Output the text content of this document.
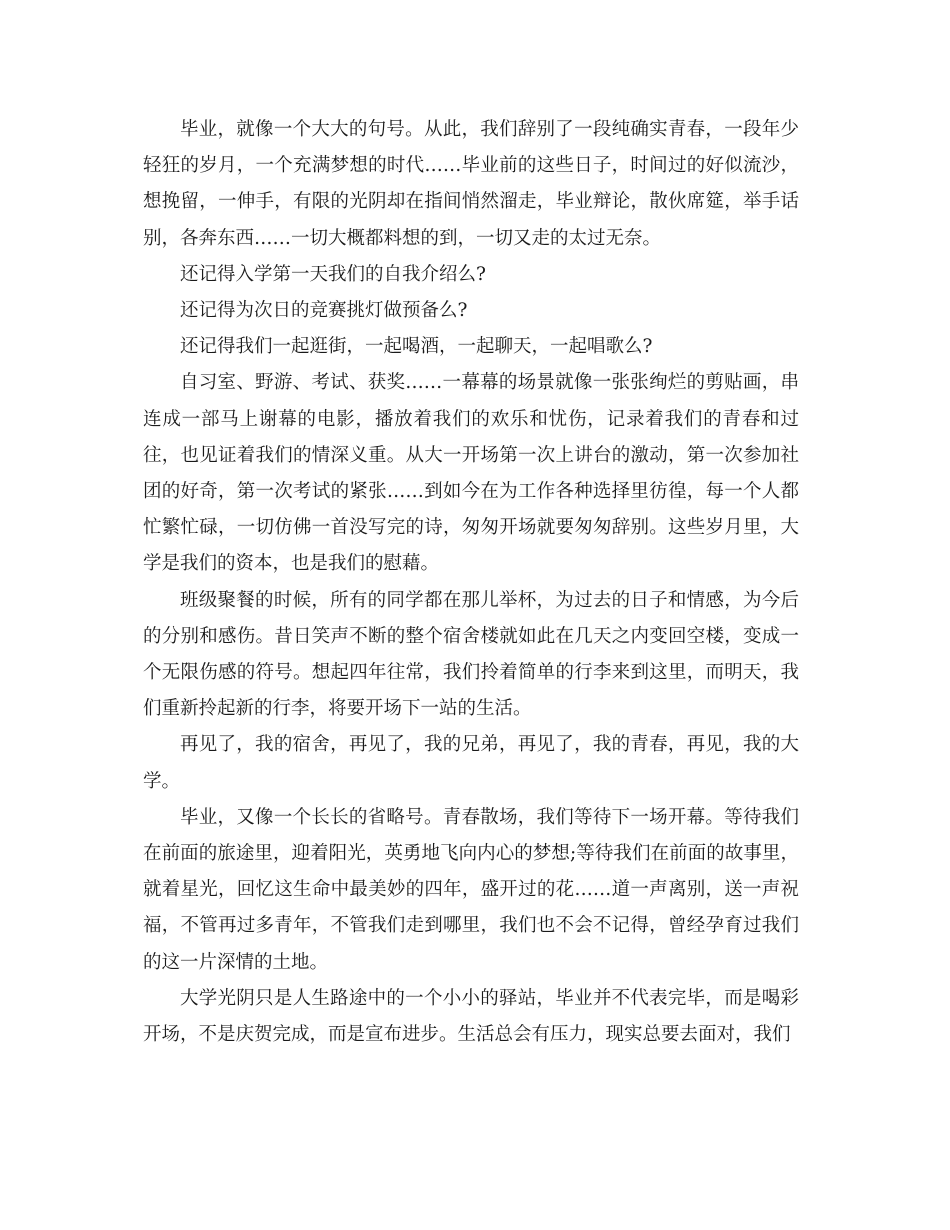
毕业，就像一个大大的句号。从此，我们辞别了一段纯确实青春，一段年少轻狂的岁月，一个充满梦想的时代……毕业前的这些日子，时间过的好似流沙，想挽留，一伸手，有限的光阴却在指间悄然溜走，毕业辩论，散伙席筵，举手话别，各奔东西……一切大概都料想的到，一切又走的太过无奈。

还记得入学第一天我们的自我介绍么?

还记得为次日的竞赛挑灯做预备么?

还记得我们一起逛街，一起喝酒，一起聊天，一起唱歌么?

自习室、野游、考试、获奖……一幕幕的场景就像一张张绚烂的剪贴画，串连成一部马上谢幕的电影，播放着我们的欢乐和忧伤，记录着我们的青春和过往，也见证着我们的情深义重。从大一开场第一次上讲台的激动，第一次参加社团的好奇，第一次考试的紧张……到如今在为工作各种选择里彷徨，每一个人都忙繁忙碌，一切仿佛一首没写完的诗，匆匆开场就要匆匆辞别。这些岁月里，大学是我们的资本，也是我们的慰藉。

班级聚餐的时候，所有的同学都在那儿举杯，为过去的日子和情感，为今后的分别和感伤。昔日笑声不断的整个宿舍楼就如此在几天之内变回空楼，变成一个无限伤感的符号。想起四年往常，我们拎着简单的行李来到这里，而明天，我们重新拎起新的行李，将要开场下一站的生活。

再见了，我的宿舍，再见了，我的兄弟，再见了，我的青春，再见，我的大学。

毕业，又像一个长长的省略号。青春散场，我们等待下一场开幕。等待我们在前面的旅途里，迎着阳光，英勇地飞向内心的梦想;等待我们在前面的故事里，就着星光，回忆这生命中最美妙的四年，盛开过的花……道一声离别，送一声祝福，不管再过多青年，不管我们走到哪里，我们也不会不记得，曾经孕育过我们的这一片深情的土地。

大学光阴只是人生路途中的一个小小的驿站，毕业并不代表完毕，而是喝彩开场，不是庆贺完成，而是宣布进步。生活总会有压力，现实总要去面对，我们
